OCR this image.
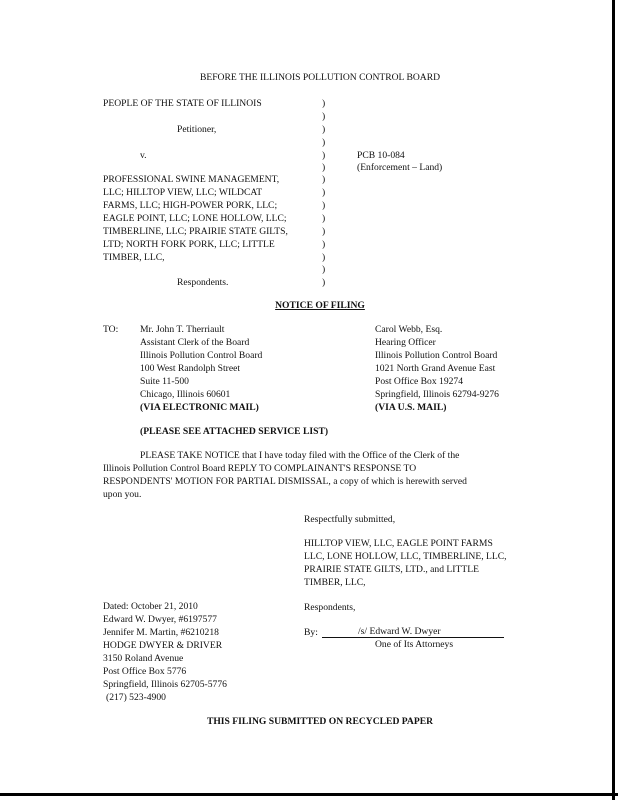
BEFORE THE ILLINOIS POLLUTION CONTROL BOARD
PEOPLE OF THE STATE OF ILLINOIS
Petitioner,
v.
PROFESSIONAL SWINE MANAGEMENT,
LLC; HILLTOP VIEW, LLC; WILDCAT
FARMS, LLC; HIGH-POWER PORK, LLC;
EAGLE POINT, LLC; LONE HOLLOW, LLC;
TIMBERLINE, LLC; PRAIRIE STATE GILTS,
LTD; NORTH FORK PORK, LLC; LITTLE
TIMBER, LLC,
Respondents.
)
)
)
)
)
)
)
)
)
)
)
)
)
)
)
PCB 10-084
(Enforcement – Land)
NOTICE OF FILING
TO: Mr. John T. Therriault
Assistant Clerk of the Board
Illinois Pollution Control Board
100 West Randolph Street
Suite 11-500
Chicago, Illinois 60601
(VIA ELECTRONIC MAIL)
Carol Webb, Esq.
Hearing Officer
Illinois Pollution Control Board
1021 North Grand Avenue East
Post Office Box 19274
Springfield, Illinois 62794-9276
(VIA U.S. MAIL)
(PLEASE SEE ATTACHED SERVICE LIST)
PLEASE TAKE NOTICE that I have today filed with the Office of the Clerk of the
Illinois Pollution Control Board REPLY TO COMPLAINANT'S RESPONSE TO
RESPONDENTS' MOTION FOR PARTIAL DISMISSAL, a copy of which is herewith served
upon you.
Respectfully submitted,
HILLTOP VIEW, LLC, EAGLE POINT FARMS
LLC, LONE HOLLOW, LLC, TIMBERLINE, LLC,
PRAIRIE STATE GILTS, LTD., and LITTLE
TIMBER, LLC,
Respondents,
By:	/s/ Edward W. Dwyer
One of Its Attorneys
Dated: October 21, 2010
Edward W. Dwyer, #6197577
Jennifer M. Martin, #6210218
HODGE DWYER & DRIVER
3150 Roland Avenue
Post Office Box 5776
Springfield, Illinois 62705-5776
(217) 523-4900
THIS FILING SUBMITTED ON RECYCLED PAPER
